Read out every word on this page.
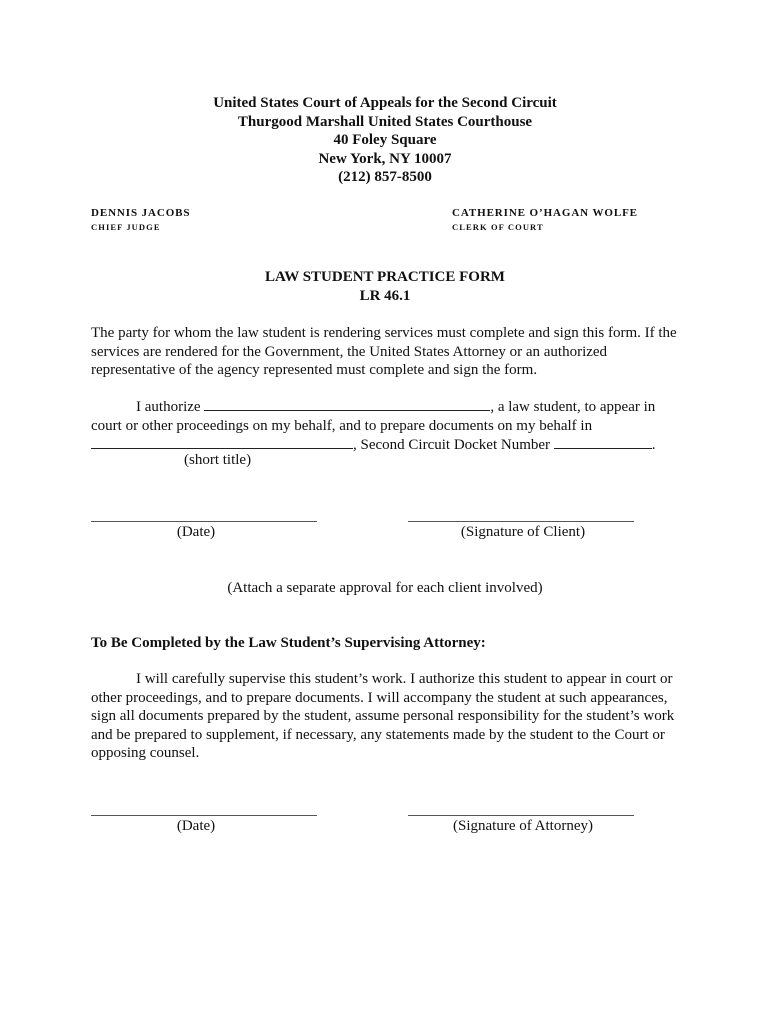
United States Court of Appeals for the Second Circuit
Thurgood Marshall United States Courthouse
40 Foley Square
New York, NY 10007
(212) 857-8500
DENNIS JACOBS
CHIEF JUDGE
CATHERINE O’HAGAN WOLFE
CLERK OF COURT
LAW STUDENT PRACTICE FORM
LR 46.1
The party for whom the law student is rendering services must complete and sign this form. If the services are rendered for the Government, the United States Attorney or an authorized representative of the agency represented must complete and sign the form.
I authorize	, a law student, to appear in
court or other proceedings on my behalf, and to prepare documents on my behalf in
, Second Circuit Docket Number	.
(short title)
(Date)	(Signature of Client)
(Attach a separate approval for each client involved)
To Be Completed by the Law Student’s Supervising Attorney:
I will carefully supervise this student’s work. I authorize this student to appear in court or other proceedings, and to prepare documents. I will accompany the student at such appearances, sign all documents prepared by the student, assume personal responsibility for the student’s work and be prepared to supplement, if necessary, any statements made by the student to the Court or opposing counsel.
(Date)	(Signature of Attorney)
